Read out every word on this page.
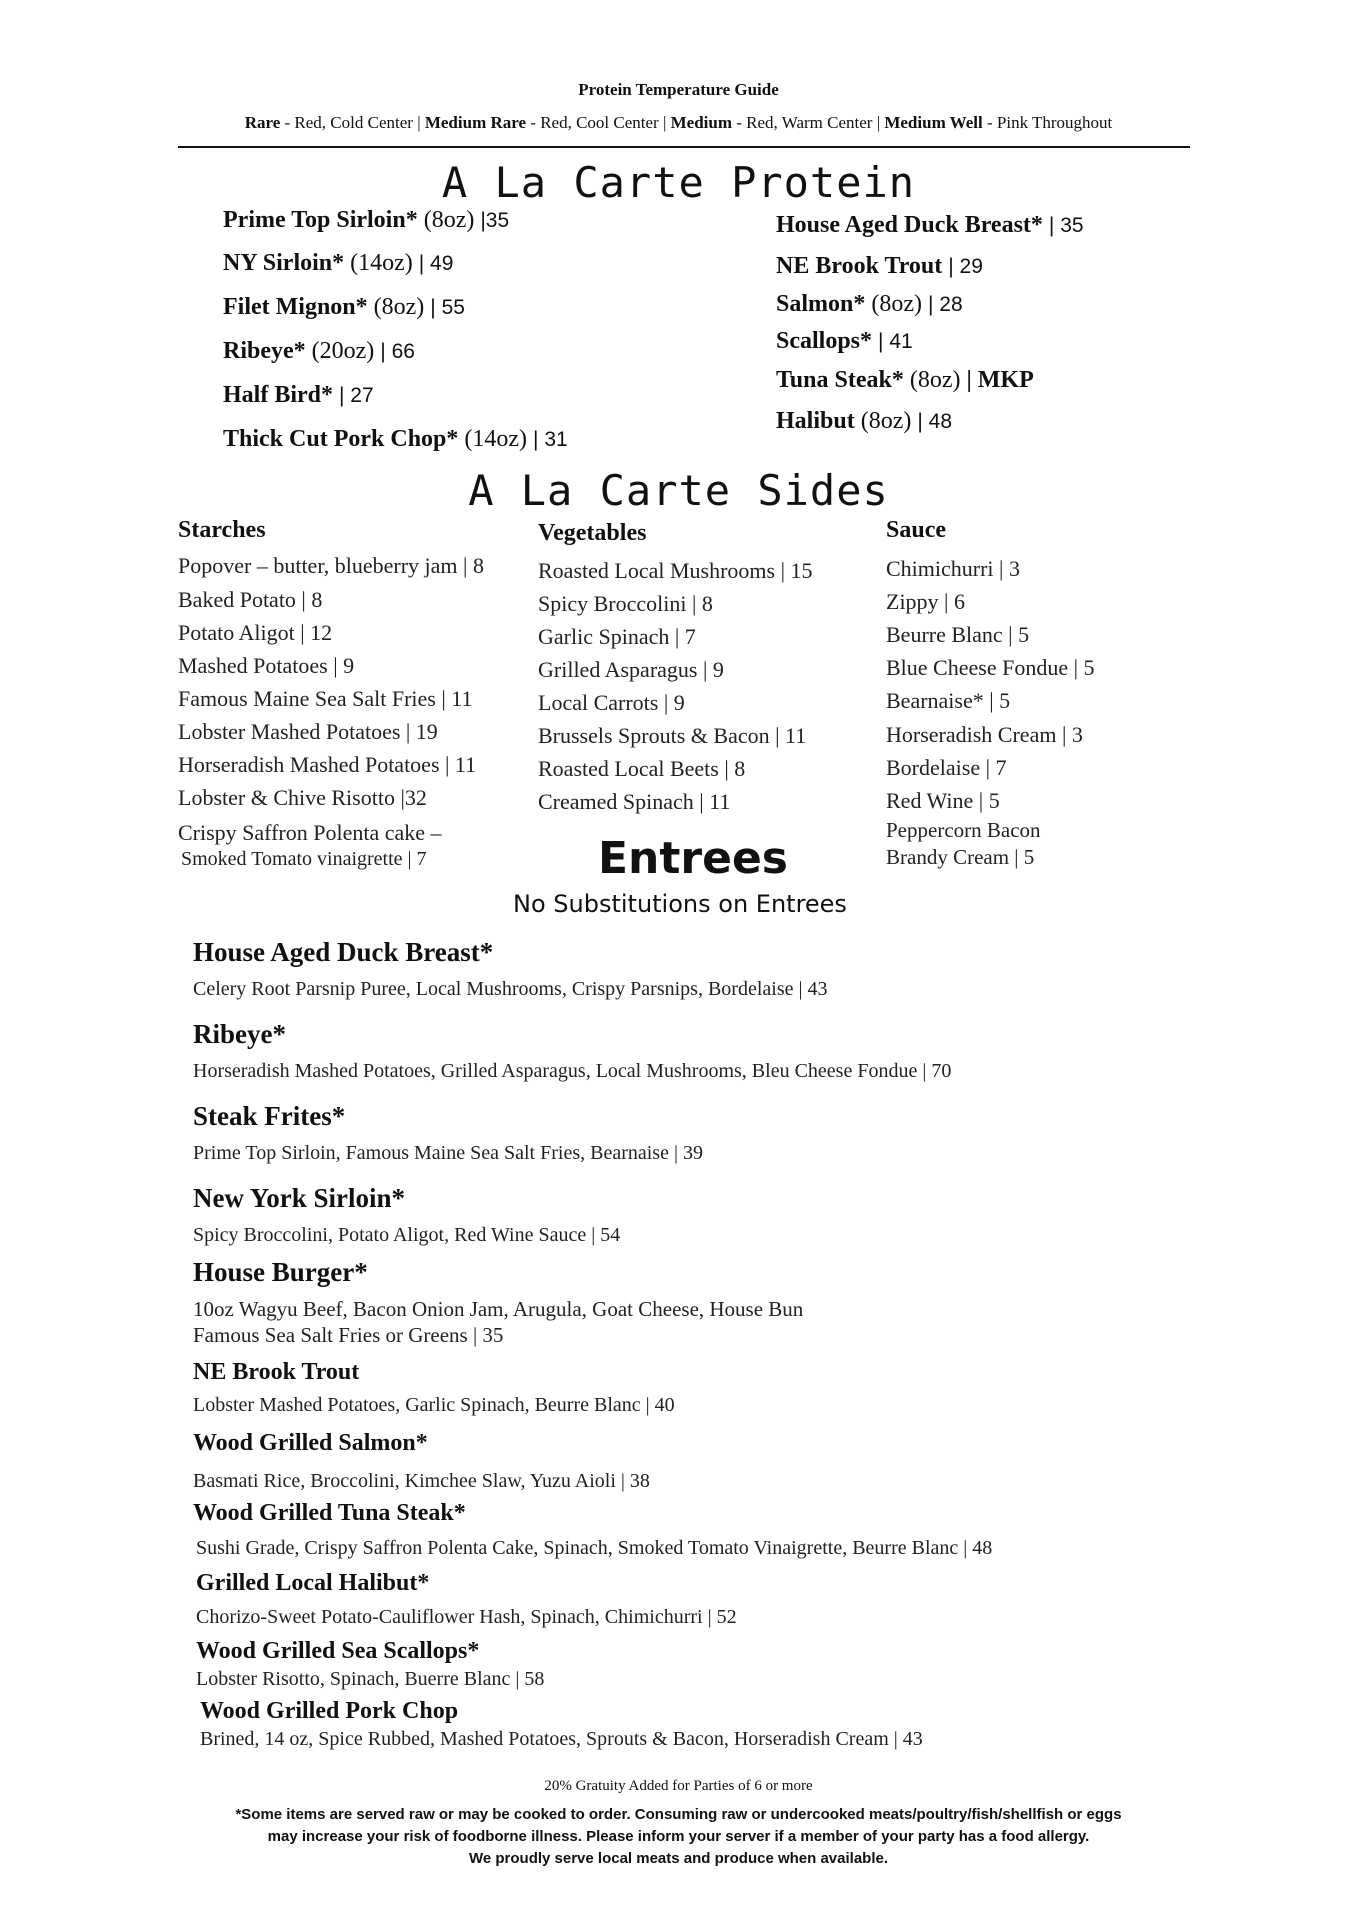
Protein Temperature Guide
Rare - Red, Cold Center | Medium Rare - Red, Cool Center | Medium - Red, Warm Center | Medium Well - Pink Throughout
A La Carte Protein
Prime Top Sirloin* (8oz) |35
NY Sirloin* (14oz) | 49
Filet Mignon* (8oz) | 55
Ribeye* (20oz) | 66
Half Bird* | 27
Thick Cut Pork Chop* (14oz) | 31
House Aged Duck Breast* | 35
NE Brook Trout | 29
Salmon* (8oz) | 28
Scallops* | 41
Tuna Steak* (8oz) | MKP
Halibut (8oz) | 48
A La Carte Sides
Starches
Popover – butter, blueberry jam | 8
Baked Potato | 8
Potato Aligot | 12
Mashed Potatoes | 9
Famous Maine Sea Salt Fries | 11
Lobster Mashed Potatoes | 19
Horseradish Mashed Potatoes | 11
Lobster & Chive Risotto |32
Crispy Saffron Polenta cake –
Smoked Tomato vinaigrette | 7
Vegetables
Roasted Local Mushrooms | 15
Spicy Broccolini | 8
Garlic Spinach | 7
Grilled Asparagus | 9
Local Carrots | 9
Brussels Sprouts & Bacon | 11
Roasted Local Beets | 8
Creamed Spinach | 11
Sauce
Chimichurri | 3
Zippy | 6
Beurre Blanc | 5
Blue Cheese Fondue | 5
Bearnaise* | 5
Horseradish Cream | 3
Bordelaise | 7
Red Wine | 5
Peppercorn Bacon
Brandy Cream | 5
Entrees
No Substitutions on Entrees
House Aged Duck Breast*
Celery Root Parsnip Puree, Local Mushrooms, Crispy Parsnips, Bordelaise | 43
Ribeye*
Horseradish Mashed Potatoes, Grilled Asparagus, Local Mushrooms, Bleu Cheese Fondue | 70
Steak Frites*
Prime Top Sirloin, Famous Maine Sea Salt Fries, Bearnaise | 39
New York Sirloin*
Spicy Broccolini, Potato Aligot, Red Wine Sauce | 54
House Burger*
10oz Wagyu Beef, Bacon Onion Jam, Arugula, Goat Cheese, House Bun
Famous Sea Salt Fries or Greens | 35
NE Brook Trout
Lobster Mashed Potatoes, Garlic Spinach, Beurre Blanc | 40
Wood Grilled Salmon*
Basmati Rice, Broccolini, Kimchee Slaw, Yuzu Aioli | 38
Wood Grilled Tuna Steak*
Sushi Grade, Crispy Saffron Polenta Cake, Spinach, Smoked Tomato Vinaigrette, Beurre Blanc | 48
Grilled Local Halibut*
Chorizo-Sweet Potato-Cauliflower Hash, Spinach, Chimichurri | 52
Wood Grilled Sea Scallops*
Lobster Risotto, Spinach, Buerre Blanc | 58
Wood Grilled Pork Chop
Brined, 14 oz, Spice Rubbed, Mashed Potatoes, Sprouts & Bacon, Horseradish Cream | 43
20% Gratuity Added for Parties of 6 or more
*Some items are served raw or may be cooked to order. Consuming raw or undercooked meats/poultry/fish/shellfish or eggs
may increase your risk of foodborne illness. Please inform your server if a member of your party has a food allergy.
We proudly serve local meats and produce when available.
